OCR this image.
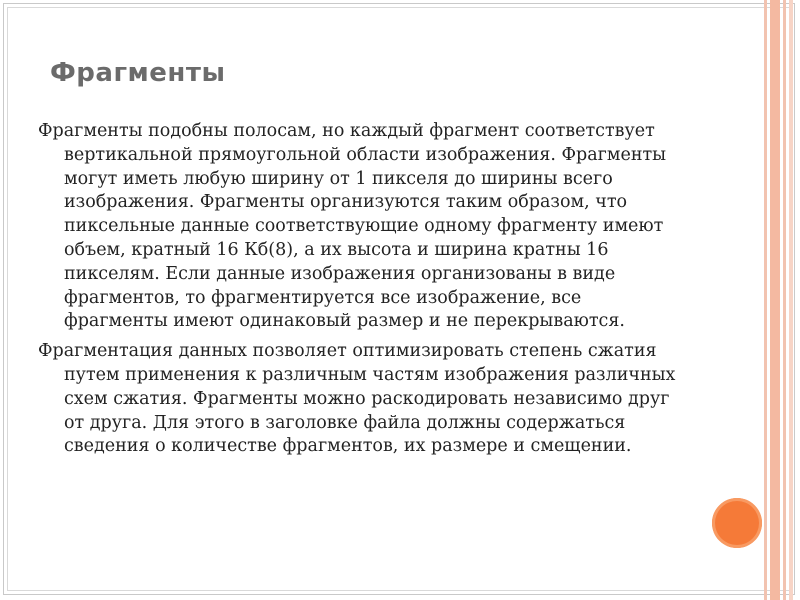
Фрагменты

Фрагменты подобны полосам, но каждый фрагмент соответствует вертикальной прямоугольной области изображения. Фрагменты могут иметь любую ширину от 1 пикселя до ширины всего изображения. Фрагменты организуются таким образом, что пиксельные данные соответствующие одному фрагменту имеют объем, кратный 16 Кб(8), а их высота и ширина кратны 16 пикселям. Если данные изображения организованы в виде фрагментов, то фрагментируется все изображение, все фрагменты имеют одинаковый размер и не перекрываются.

Фрагментация данных позволяет оптимизировать степень сжатия путем применения к различным частям изображения различных схем сжатия. Фрагменты можно раскодировать независимо друг от друга. Для этого в заголовке файла должны содержаться сведения о количестве фрагментов, их размере и смещении.
